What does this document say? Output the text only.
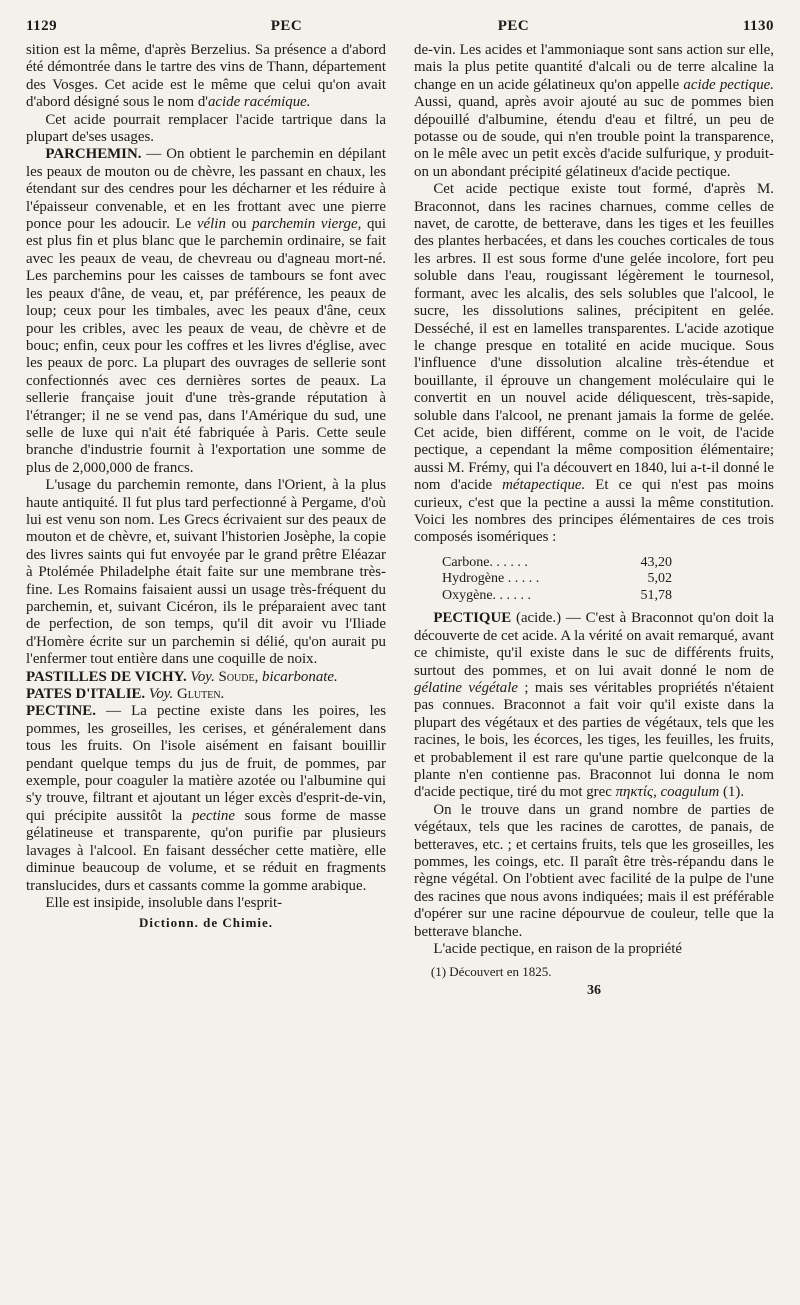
1129	PEC	PEC	1130

sition est la même, d'après Berzelius. Sa présence a d'abord été démontrée dans le tartre des vins de Thann, département des Vosges. Cet acide est le même que celui qu'on avait d'abord désigné sous le nom d'acide racémique.

Cet acide pourrait remplacer l'acide tartrique dans la plupart de'ses usages.

PARCHEMIN. — On obtient le parchemin en dépilant les peaux de mouton ou de chèvre, les passant en chaux, les étendant sur des cendres pour les décharner et les réduire à l'épaisseur convenable, et en les frottant avec une pierre ponce pour les adoucir. Le vélin ou parchemin vierge, qui est plus fin et plus blanc que le parchemin ordinaire, se fait avec les peaux de veau, de chevreau ou d'agneau mort-né. Les parchemins pour les caisses de tambours se font avec les peaux d'âne, de veau, et, par préférence, les peaux de loup; ceux pour les timbales, avec les peaux d'âne, ceux pour les cribles, avec les peaux de veau, de chèvre et de bouc; enfin, ceux pour les coffres et les livres d'église, avec les peaux de porc. La plupart des ouvrages de sellerie sont confectionnés avec ces dernières sortes de peaux. La sellerie française jouit d'une très-grande réputation à l'étranger; il ne se vend pas, dans l'Amérique du sud, une selle de luxe qui n'ait été fabriquée à Paris. Cette seule branche d'industrie fournit à l'exportation une somme de plus de 2,000,000 de francs.

L'usage du parchemin remonte, dans l'Orient, à la plus haute antiquité. Il fut plus tard perfectionné à Pergame, d'où lui est venu son nom. Les Grecs écrivaient sur des peaux de mouton et de chèvre, et, suivant l'historien Josèphe, la copie des livres saints qui fut envoyée par le grand prêtre Eléazar à Ptolémée Philadelphe était faite sur une membrane très-fine. Les Romains faisaient aussi un usage très-fréquent du parchemin, et, suivant Cicéron, ils le préparaient avec tant de perfection, de son temps, qu'il dit avoir vu l'Iliade d'Homère écrite sur un parchemin si délié, qu'on aurait pu l'enfermer tout entière dans une coquille de noix.

PASTILLES DE VICHY. Voy. Soude, bicarbonate.

PATES D'ITALIE. Voy. Gluten.

PECTINE. — La pectine existe dans les poires, les pommes, les groseilles, les cerises, et généralement dans tous les fruits. On l'isole aisément en faisant bouillir pendant quelque temps du jus de fruit, de pommes, par exemple, pour coaguler la matière azotée ou l'albumine qui s'y trouve, filtrant et ajoutant un léger excès d'esprit-de-vin, qui précipite aussitôt la pectine sous forme de masse gélatineuse et transparente, qu'on purifie par plusieurs lavages à l'alcool. En faisant dessécher cette matière, elle diminue beaucoup de volume, et se réduit en fragments translucides, durs et cassants comme la gomme arabique.

Elle est insipide, insoluble dans l'esprit-

Dictionn. de Chimie.

de-vin. Les acides et l'ammoniaque sont sans action sur elle, mais la plus petite quantité d'alcali ou de terre alcaline la change en un acide gélatineux qu'on appelle acide pectique. Aussi, quand, après avoir ajouté au suc de pommes bien dépouillé d'albumine, étendu d'eau et filtré, un peu de potasse ou de soude, qui n'en trouble point la transparence, on le mêle avec un petit excès d'acide sulfurique, y produit-on un abondant précipité gélatineux d'acide pectique.

Cet acide pectique existe tout formé, d'après M. Braconnot, dans les racines charnues, comme celles de navet, de carotte, de betterave, dans les tiges et les feuilles des plantes herbacées, et dans les couches corticales de tous les arbres. Il est sous forme d'une gelée incolore, fort peu soluble dans l'eau, rougissant légèrement le tournesol, formant, avec les alcalis, des sels solubles que l'alcool, le sucre, les dissolutions salines, précipitent en gelée. Desséché, il est en lamelles transparentes. L'acide azotique le change presque en totalité en acide mucique. Sous l'influence d'une dissolution alcaline très-étendue et bouillante, il éprouve un changement moléculaire qui le convertit en un nouvel acide déliquescent, très-sapide, soluble dans l'alcool, ne prenant jamais la forme de gelée. Cet acide, bien différent, comme on le voit, de l'acide pectique, a cependant la même composition élémentaire; aussi M. Frémy, qui l'a découvert en 1840, lui a-t-il donné le nom d'acide métapectique. Et ce qui n'est pas moins curieux, c'est que la pectine a aussi la même constitution. Voici les nombres des principes élémentaires de ces trois composés isomériques :

Carbone. . . . . .	43,20
Hydrogène . . . . .	5,02
Oxygène. . . . . .	51,78

PECTIQUE (acide.) — C'est à Braconnot qu'on doit la découverte de cet acide. A la vérité on avait remarqué, avant ce chimiste, qu'il existe dans le suc de différents fruits, surtout des pommes, et on lui avait donné le nom de gélatine végétale ; mais ses véritables propriétés n'étaient pas connues. Braconnot a fait voir qu'il existe dans la plupart des végétaux et des parties de végétaux, tels que les racines, le bois, les écorces, les tiges, les feuilles, les fruits, et probablement il est rare qu'une partie quelconque de la plante n'en contienne pas. Braconnot lui donna le nom d'acide pectique, tiré du mot grec πηκτίς, coagulum (1).

On le trouve dans un grand nombre de parties de végétaux, tels que les racines de carottes, de panais, de betteraves, etc. ; et certains fruits, tels que les groseilles, les pommes, les coings, etc. Il paraît être très-répandu dans le règne végétal. On l'obtient avec facilité de la pulpe de l'une des racines que nous avons indiquées; mais il est préférable d'opérer sur une racine dépourvue de couleur, telle que la betterave blanche.

L'acide pectique, en raison de la propriété

(1) Découvert en 1825.

36
